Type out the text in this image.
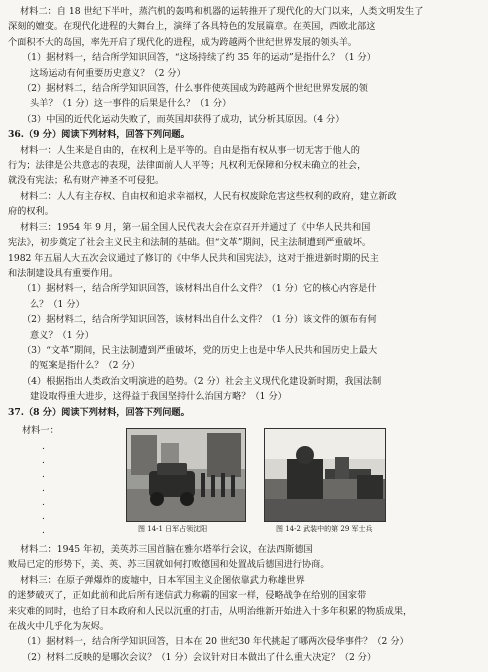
材料二：自 18 世纪下半叶，蒸汽机的轰鸣和机器的运转推开了现代化的大门以来，人类文明发生了

深刻的嬗变。在现代化进程的大舞台上，演绎了各具特色的发展篇章。在英国，西欧北部这

个面积不大的岛国，率先开启了现代化的进程，成为跨越两个世纪世界发展的领头羊。

（1）据材料一，结合所学知识回答，“这场持续了约 35 年的运动”是指什么？（1 分）

这场运动有何重要历史意义？（2 分）

（2）据材料二，结合所学知识回答，什么事件使英国成为跨越两个世纪世界发展的领

头羊？（1 分）这一事件的后果是什么？（1 分）

（3）中国的近代化运动失败了，而英国却获得了成功，试分析其原因。（4 分）

36.（9 分）阅读下列材料，回答下列问题。

材料一：人生来是自由的，在权利上是平等的。自由是指有权从事一切无害于他人的

行为；法律是公共意志的表现，法律面前人人平等；凡权利无保障和分权未确立的社会，

就没有宪法；私有财产神圣不可侵犯。

材料二：人人有主存权、自由权和追求幸福权，人民有权废除危害这些权利的政府，建立新政

府的权利。

材料三：1954 年 9 月，第一届全国人民代表大会在京召开并通过了《中华人民共和国

宪法》，初步奠定了社会主义民主和法制的基础。但“文革”期间，民主法制遭到严重破坏。

1982 年五届人大五次会议通过了修订的《中华人民共和国宪法》，这对于推进新时期的民主

和法制建设具有重要作用。

（1）据材料一，结合所学知识回答，该材料出自什么文件？（1 分）它的核心内容是什

么？（1 分）

（2）据材料二，结合所学知识回答，该材料出自什么文件？（1 分）该文件的颁布有何

意义？（1 分）

（3）“文革”期间，民主法制遭到严重破坏，党的历史上也是中华人民共和国历史上最大

的冤案是指什么？（2 分）

（4）根据指出人类政治文明演进的趋势。（2 分）社会主义现代化建设新时期，我国法制

建设取得重大进步，这得益于我国坚持什么治国方略？（1 分）

37.（8 分）阅读下列材料，回答下列问题。

材料一：
.
.
.
.
.
.
.	图 14-1 日军占领沈阳	图 14-2 武装中的第 29 军士兵

材料二：1945 年初，美英苏三国首脑在雅尔塔举行会议，在法西斯德国

败局已定的形势下，美、英、苏三国就如何打败德国和处置战后德国进行协商。

材料三：在原子弹爆炸的废墟中，日本军国主义企图依靠武力称雄世界

的迷梦破灭了，正如此前和此后所有迷信武力称霸的国家一样，侵略战争在给别的国家带

来灾难的同时，也给了日本政府和人民以沉重的打击，从明治维新开始进入十多年积累的物质成果，

在战火中几乎化为灰烬。

（1）据材料一，结合所学知识回答，日本在 20 世纪30 年代挑起了哪两次侵华事件？（2 分）

（2）材料二反映的是哪次会议？（1 分）会议针对日本做出了什么重大决定？（2 分）
